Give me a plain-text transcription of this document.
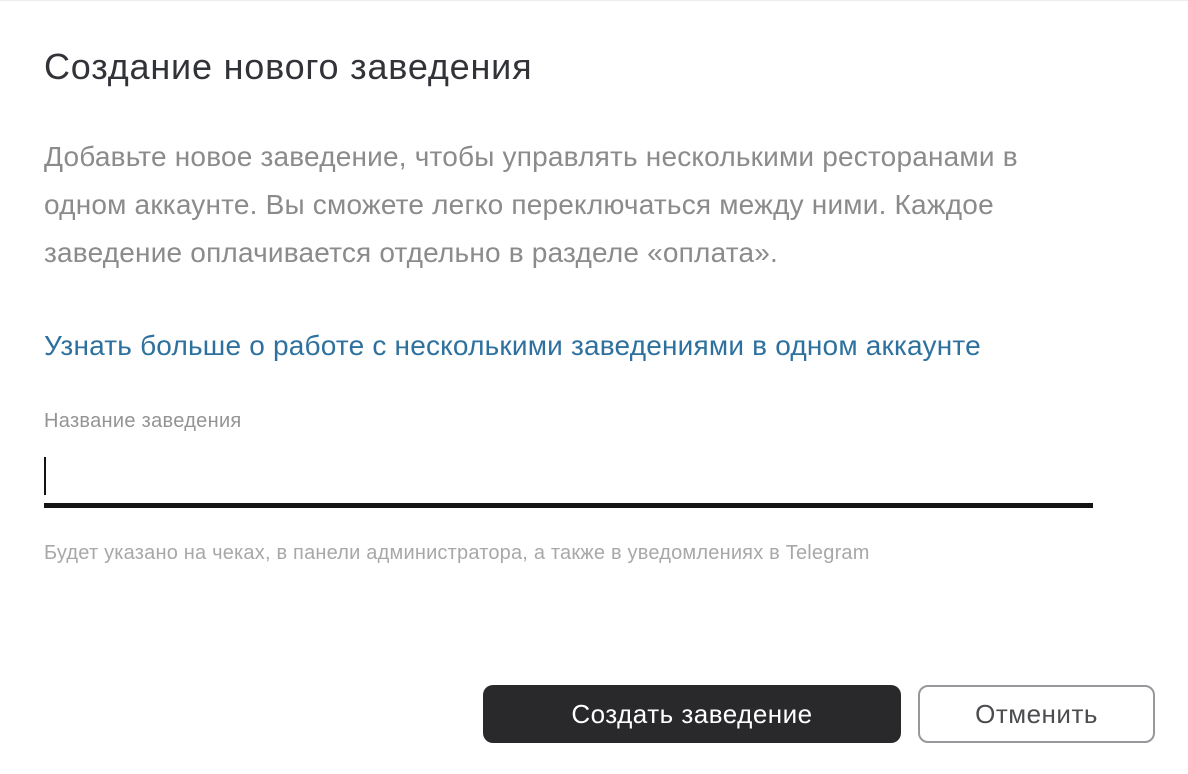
Создание нового заведения
Добавьте новое заведение, чтобы управлять несколькими ресторанами в
одном аккаунте. Вы сможете легко переключаться между ними. Каждое
заведение оплачивается отдельно в разделе «оплата».
Узнать больше о работе с несколькими заведениями в одном аккаунте
Название заведения
Будет указано на чеках, в панели администратора, а также в уведомлениях в Telegram
Создать заведение	Отменить
